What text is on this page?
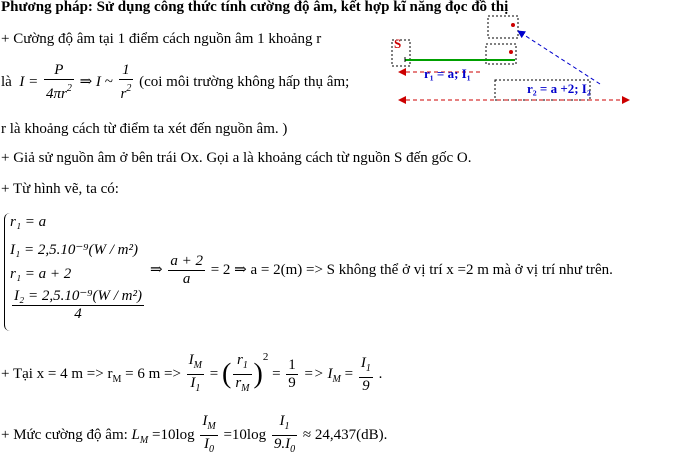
Phương pháp: Sử dụng công thức tính cường độ âm, kết hợp kĩ năng đọc đồ thị
+ Cường độ âm tại 1 điểm cách nguồn âm 1 khoảng r
là $I = \frac{P}{4\pi r^2}$ ⇒ I ~ $\frac{1}{r^2} (coi$ môi trường không hấp thụ âm;
r là khoảng cách từ điểm ta xét đến nguồn âm. )
+ Giả sử nguồn âm ở bên trái Ox. Gọi a là khoảng cách từ nguồn S đến gốc O.
+ Từ hình vẽ, ta có:
r₁ = a
I₁ = 2,5.10⁻⁹(W / m²)
r₁ = a + 2
$\frac{\text{I₂ = 2,5.10⁻⁹(W / m²)}}{4}$
⇒ $\frac{a + 2}{a} = 2$ ⇒ a = 2(m) => S không thể ở vị trí x =2 m mà ở vị trí như trên.
+ Tại x = 4 $m => r_M = 6$ $m => \frac{I_M}{I_1}$ = ( $\frac{r_1}{r_M} )^2 = \frac{1}{9} => I_M = \frac{I_1}{9}$ .
+ Mức cường độ âm: $L_M =10\log \frac{I_M}{I_0} =10\log \frac{I_1}{9.I_0} \approx 24,437(dB)$.
S
r₁ = a; I₁
r₂ = a +2; I₂
